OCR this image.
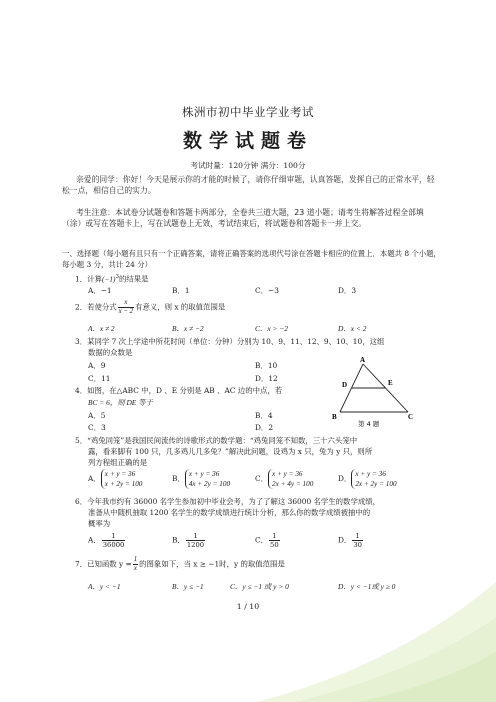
株洲市初中毕业学业考试
数学试题卷
考试时量：120分钟 满分：100分
亲爱的同学：你好！今天是展示你的才能的时候了，请你仔细审题，认真答题，发挥自己的正常水平，轻松一点，相信自己的实力。
考生注意：本试卷分试题卷和答题卡两部分，全卷共三道大题，23 道小题；请考生将解答过程全部填（涂）或写在答题卡上，写在试题卷上无效，考试结束后，将试题卷和答题卡一并上交。
一、选择题（每小题有且只有一个正确答案，请将正确答案的选项代号涂在答题卡相应的位置上．本题共 8 个小题，每小题 3 分，共计 24 分）
1．计算$(-1)^3$的结果是
A．−1	B．1	C．−3	D．3
2．若使分式 $\frac{x}{x - 2}$ 有意义，则 x 的取值范围是
A．x ≠ 2	B．x ≠ −2	C．x > −2	D．x < 2
3．某同学 7 次上学途中所花时间（单位：分钟）分别为 10、9、11、12、9、10、10，这组
数据的众数是
A．9	B．10
C．11	D．12
4．如图，在△ABC 中，D 、E 分别是 AB 、AC 边的中点，若
BC = 6，则 DE 等于
A．5	B．4
C．3	D．2
A
B	C
D	E
第 4 题
5．“鸡兔同笼”是我国民间流传的诗歌形式的数学题：“鸡兔同笼不知数，三十六头笼中
露，看来脚有 100 只，几多鸡儿几多兔？”解决此问题，设鸡为 x 只，兔为 y 只，则所
列方程组正确的是
A． x + y = 36
x + 2y = 100
B． x + y = 36
4x + 2y = 100
C． x + y = 36
2x + 4y = 100
D． x + y = 36
2x + 2y = 100
6．今年我市约有 36000 名学生参加初中毕业会考，为了了解这 36000 名学生的数学成绩，
准备从中随机抽取 1200 名学生的数学成绩进行统计分析，那么你的数学成绩被抽中的
概率为
A． $\frac{1}{36000}$	B． $\frac{1}{1200}$	C． $\frac{1}{50}$	D． $\frac{1}{30}$
7．已知函数 $y = \frac{1}{x}$ 的图象如下，当 x ≥ −1时，y 的取值范围是
A．y < −1	B．y ≤ −1	C．y ≤ −1 或 y > 0	D．y < −1或 y ≥ 0
1 / 10
